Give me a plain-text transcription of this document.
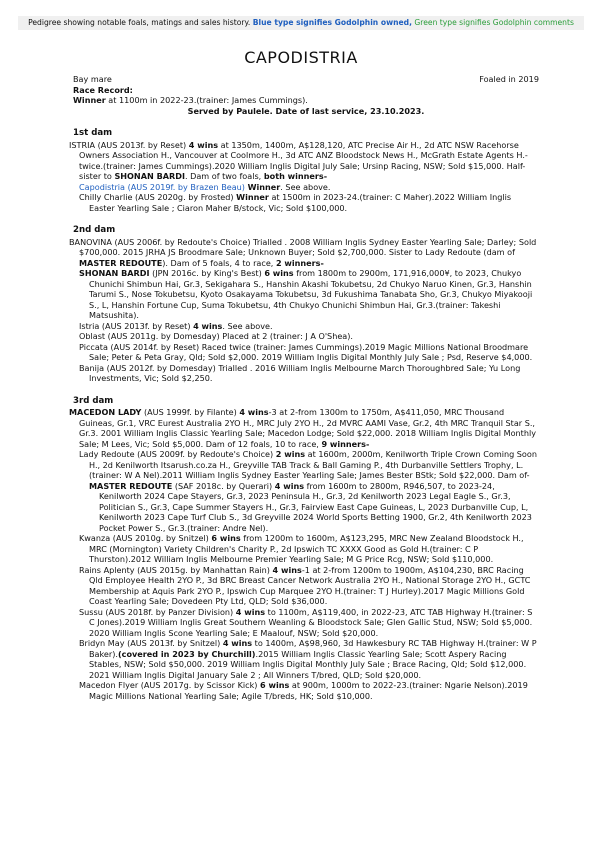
Pedigree showing notable foals, matings and sales history. Blue type signifies Godolphin owned, Green type signifies Godolphin comments
CAPODISTRIA
Bay mare	Foaled in 2019
Race Record:
Winner at 1100m in 2022-23.(trainer: James Cummings).
Served by Paulele. Date of last service, 23.10.2023.
1st dam
ISTRIA (AUS 2013f. by Reset) 4 wins at 1350m, 1400m, A$128,120, ATC Precise Air H., 2d ATC NSW Racehorse Owners Association H., Vancouver at Coolmore H., 3d ATC ANZ Bloodstock News H., McGrath Estate Agents H.-twice.(trainer: James Cummings).2020 William Inglis Digital July Sale; Ursinp Racing, NSW; Sold $15,000. Half-sister to SHONAN BARDI. Dam of two foals, both winners-
Capodistria (AUS 2019f. by Brazen Beau) Winner. See above.
Chilly Charlie (AUS 2020g. by Frosted) Winner at 1500m in 2023-24.(trainer: C Maher).2022 William Inglis Easter Yearling Sale ; Ciaron Maher B/stock, Vic; Sold $100,000.
2nd dam
BANOVINA (AUS 2006f. by Redoute's Choice) Trialled . 2008 William Inglis Sydney Easter Yearling Sale; Darley; Sold $700,000. 2015 JRHA JS Broodmare Sale; Unknown Buyer; Sold $2,700,000. Sister to Lady Redoute (dam of MASTER REDOUTE). Dam of 5 foals, 4 to race, 2 winners-
SHONAN BARDI (JPN 2016c. by King's Best) 6 wins from 1800m to 2900m, 171,916,000¥, to 2023, Chukyo Chunichi Shimbun Hai, Gr.3, Sekigahara S., Hanshin Akashi Tokubetsu, 2d Chukyo Naruo Kinen, Gr.3, Hanshin Tarumi S., Nose Tokubetsu, Kyoto Osakayama Tokubetsu, 3d Fukushima Tanabata Sho, Gr.3, Chukyo Miyakooji S., L, Hanshin Fortune Cup, Suma Tokubetsu, 4th Chukyo Chunichi Shimbun Hai, Gr.3.(trainer: Takeshi Matsushita).
Istria (AUS 2013f. by Reset) 4 wins. See above.
Oblast (AUS 2011g. by Domesday) Placed at 2 (trainer: J A O'Shea).
Piccata (AUS 2014f. by Reset) Raced twice (trainer: James Cummings).2019 Magic Millions National Broodmare Sale; Peter & Peta Gray, Qld; Sold $2,000. 2019 William Inglis Digital Monthly July Sale ; Psd, Reserve $4,000.
Banija (AUS 2012f. by Domesday) Trialled . 2016 William Inglis Melbourne March Thoroughbred Sale; Yu Long Investments, Vic; Sold $2,250.
3rd dam
MACEDON LADY (AUS 1999f. by Filante) 4 wins-3 at 2-from 1300m to 1750m, A$411,050, MRC Thousand Guineas, Gr.1, VRC Eurest Australia 2YO H., MRC July 2YO H., 2d MVRC AAMI Vase, Gr.2, 4th MRC Tranquil Star S., Gr.3. 2001 William Inglis Classic Yearling Sale; Macedon Lodge; Sold $22,000. 2018 William Inglis Digital Monthly Sale; M Lees, Vic; Sold $5,000. Dam of 12 foals, 10 to race, 9 winners-
Lady Redoute (AUS 2009f. by Redoute's Choice) 2 wins at 1600m, 2000m, Kenilworth Triple Crown Coming Soon H., 2d Kenilworth Itsarush.co.za H., Greyville TAB Track & Ball Gaming P., 4th Durbanville Settlers Trophy, L.(trainer: W A Nel).2011 William Inglis Sydney Easter Yearling Sale; James Bester BStk; Sold $22,000. Dam of-
MASTER REDOUTE (SAF 2018c. by Querari) 4 wins from 1600m to 2800m, R946,507, to 2023-24, Kenilworth 2024 Cape Stayers, Gr.3, 2023 Peninsula H., Gr.3, 2d Kenilworth 2023 Legal Eagle S., Gr.3, Politician S., Gr.3, Cape Summer Stayers H., Gr.3, Fairview East Cape Guineas, L, 2023 Durbanville Cup, L, Kenilworth 2023 Cape Turf Club S., 3d Greyville 2024 World Sports Betting 1900, Gr.2, 4th Kenilworth 2023 Pocket Power S., Gr.3.(trainer: Andre Nel).
Kwanza (AUS 2010g. by Snitzel) 6 wins from 1200m to 1600m, A$123,295, MRC New Zealand Bloodstock H., MRC (Mornington) Variety Children's Charity P., 2d Ipswich TC XXXX Good as Gold H.(trainer: C P Thurston).2012 William Inglis Melbourne Premier Yearling Sale; M G Price Rcg, NSW; Sold $110,000.
Rains Aplenty (AUS 2015g. by Manhattan Rain) 4 wins-1 at 2-from 1200m to 1900m, A$104,230, BRC Racing Qld Employee Health 2YO P., 3d BRC Breast Cancer Network Australia 2YO H., National Storage 2YO H., GCTC Membership at Aquis Park 2YO P., Ipswich Cup Marquee 2YO H.(trainer: T J Hurley).2017 Magic Millions Gold Coast Yearling Sale; Dovedeen Pty Ltd, QLD; Sold $36,000.
Sussu (AUS 2018f. by Panzer Division) 4 wins to 1100m, A$119,400, in 2022-23, ATC TAB Highway H.(trainer: S C Jones).2019 William Inglis Great Southern Weanling & Bloodstock Sale; Glen Gallic Stud, NSW; Sold $5,000. 2020 William Inglis Scone Yearling Sale; E Maalouf, NSW; Sold $20,000.
Bridyn May (AUS 2013f. by Snitzel) 4 wins to 1400m, A$98,960, 3d Hawkesbury RC TAB Highway H.(trainer: W P Baker).(covered in 2023 by Churchill).2015 William Inglis Classic Yearling Sale; Scott Aspery Racing Stables, NSW; Sold $50,000. 2019 William Inglis Digital Monthly July Sale ; Brace Racing, Qld; Sold $12,000. 2021 William Inglis Digital January Sale 2 ; All Winners T/bred, QLD; Sold $20,000.
Macedon Flyer (AUS 2017g. by Scissor Kick) 6 wins at 900m, 1000m to 2022-23.(trainer: Ngarie Nelson).2019 Magic Millions National Yearling Sale; Agile T/breds, HK; Sold $10,000.
